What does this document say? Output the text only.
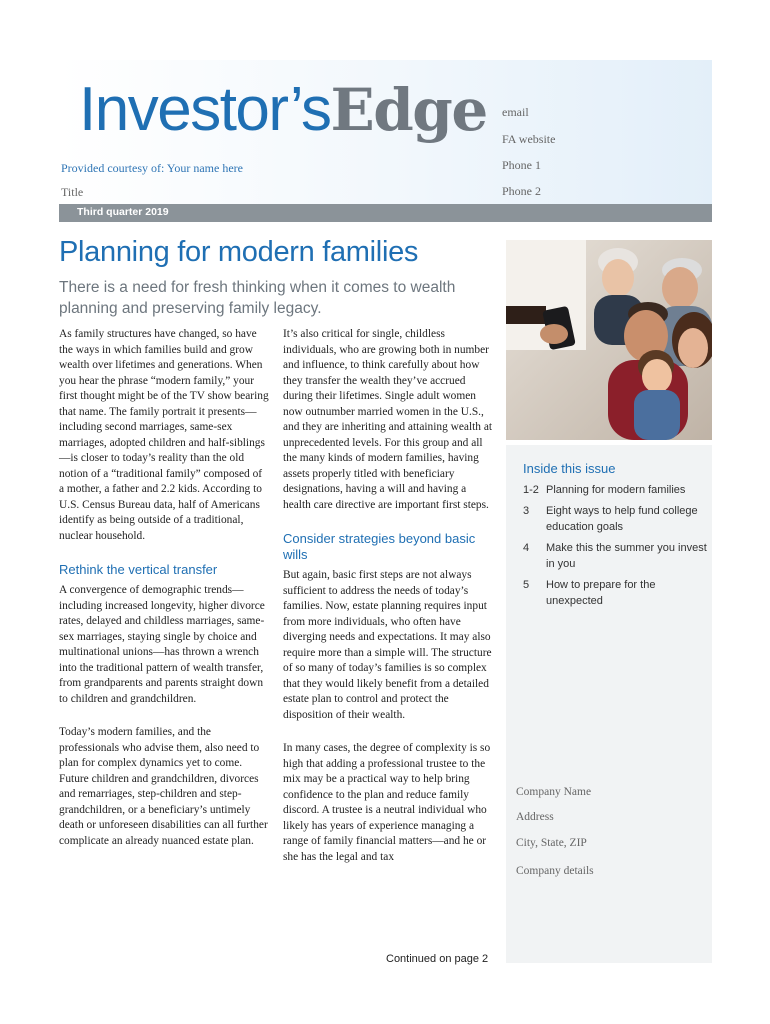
Investor’sEdge
Provided courtesy of: Your name here
Title
email
FA website
Phone 1
Phone 2
Third quarter 2019
Planning for modern families
There is a need for fresh thinking when it comes to wealth planning and preserving family legacy.

As family structures have changed, so have the ways in which families build and grow wealth over lifetimes and generations. When you hear the phrase “modern family,” your first thought might be of the TV show bearing that name. The family portrait it presents—including second marriages, same-sex marriages, adopted children and half-siblings—is closer to today’s reality than the old notion of a “traditional family” composed of a mother, a father and 2.2 kids. According to U.S. Census Bureau data, half of Americans identify as being outside of a traditional, nuclear household.

Rethink the vertical transfer

A convergence of demographic trends—including increased longevity, higher divorce rates, delayed and childless marriages, same-sex marriages, staying single by choice and multinational unions—has thrown a wrench into the traditional pattern of wealth transfer, from grandparents and parents straight down to children and grandchildren.

Today’s modern families, and the professionals who advise them, also need to plan for complex dynamics yet to come. Future children and grandchildren, divorces and remarriages, step-children and step-grandchildren, or a beneficiary’s untimely death or unforeseen disabilities can all further complicate an already nuanced estate plan.

It’s also critical for single, childless individuals, who are growing both in number and influence, to think carefully about how they transfer the wealth they’ve accrued during their lifetimes. Single adult women now outnumber married women in the U.S., and they are inheriting and attaining wealth at unprecedented levels. For this group and all the many kinds of modern families, having assets properly titled with beneficiary designations, having a will and having a health care directive are important first steps.

Consider strategies beyond basic wills

But again, basic first steps are not always sufficient to address the needs of today’s families. Now, estate planning requires input from more individuals, who often have diverging needs and expectations. It may also require more than a simple will. The structure of so many of today’s families is so complex that they would likely benefit from a detailed estate plan to control and protect the disposition of their wealth.

In many cases, the degree of complexity is so high that adding a professional trustee to the mix may be a practical way to help bring confidence to the plan and reduce family discord. A trustee is a neutral individual who likely has years of experience managing a range of family financial matters—and he or she has the legal and tax

Inside this issue
1-2 Planning for modern families
3	Eight ways to help fund college education goals
4	Make this the summer you invest in you
5	How to prepare for the unexpected
Company Name
Address
City, State, ZIP
Company details
Continued on page 2
